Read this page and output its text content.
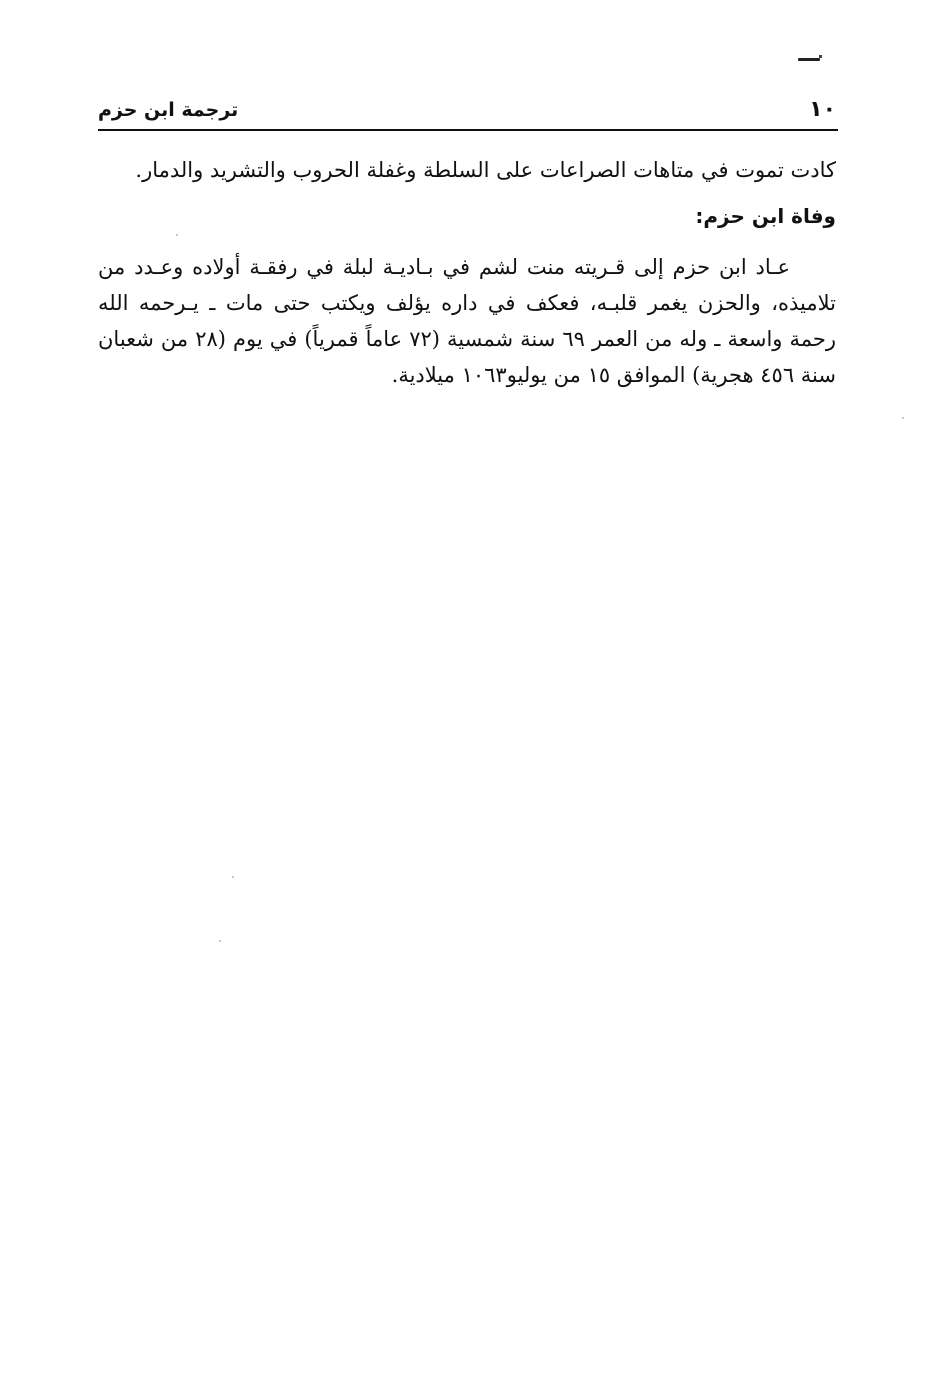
١٠
ترجمة ابن حزم

كادت تموت في متاهات الصراعات على السلطة وغفلة الحروب والتشريد والدمار.

وفاة ابن حزم:

عـاد ابن حزم إلى قـريته منت لشم في بـاديـة لبلة في رفقـة أولاده وعـدد من تلاميذه، والحزن يغمر قلبـه، فعكف في داره يؤلف ويكتب حتى مات ـ يـرحمه الله رحمة واسعة ـ وله من العمر ٦٩ سنة شمسية (٧٢ عاماً قمرياً) في يوم (٢٨ من شعبان سنة ٤٥٦ هجرية) الموافق ١٥ من يوليو١٠٦٣ ميلادية.
